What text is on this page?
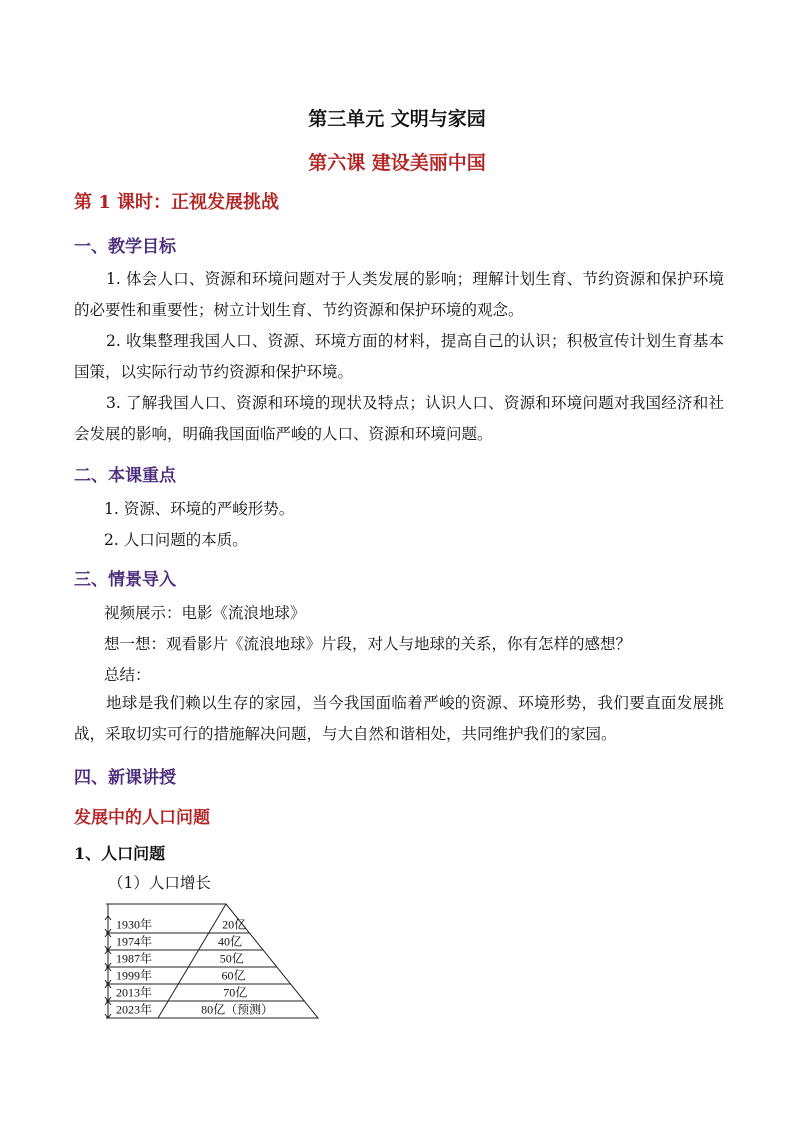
第三单元 文明与家园
第六课 建设美丽中国
第 1 课时：正视发展挑战
一、教学目标
1. 体会人口、资源和环境问题对于人类发展的影响；理解计划生育、节约资源和保护环境的必要性和重要性；树立计划生育、节约资源和保护环境的观念。
2. 收集整理我国人口、资源、环境方面的材料，提高自己的认识；积极宣传计划生育基本国策，以实际行动节约资源和保护环境。
3. 了解我国人口、资源和环境的现状及特点；认识人口、资源和环境问题对我国经济和社会发展的影响，明确我国面临严峻的人口、资源和环境问题。
二、本课重点
1. 资源、环境的严峻形势。
2. 人口问题的本质。
三、情景导入
视频展示：电影《流浪地球》
想一想：观看影片《流浪地球》片段，对人与地球的关系，你有怎样的感想？
总结：
地球是我们赖以生存的家园，当今我国面临着严峻的资源、环境形势，我们要直面发展挑战，采取切实可行的措施解决问题，与大自然和谐相处，共同维护我们的家园。
四、新课讲授
发展中的人口问题
1、人口问题
（1）人口增长
1930年	20亿
1974年	40亿
1987年	50亿
1999年	60亿
2013年	70亿
2023年	80亿（预测）
